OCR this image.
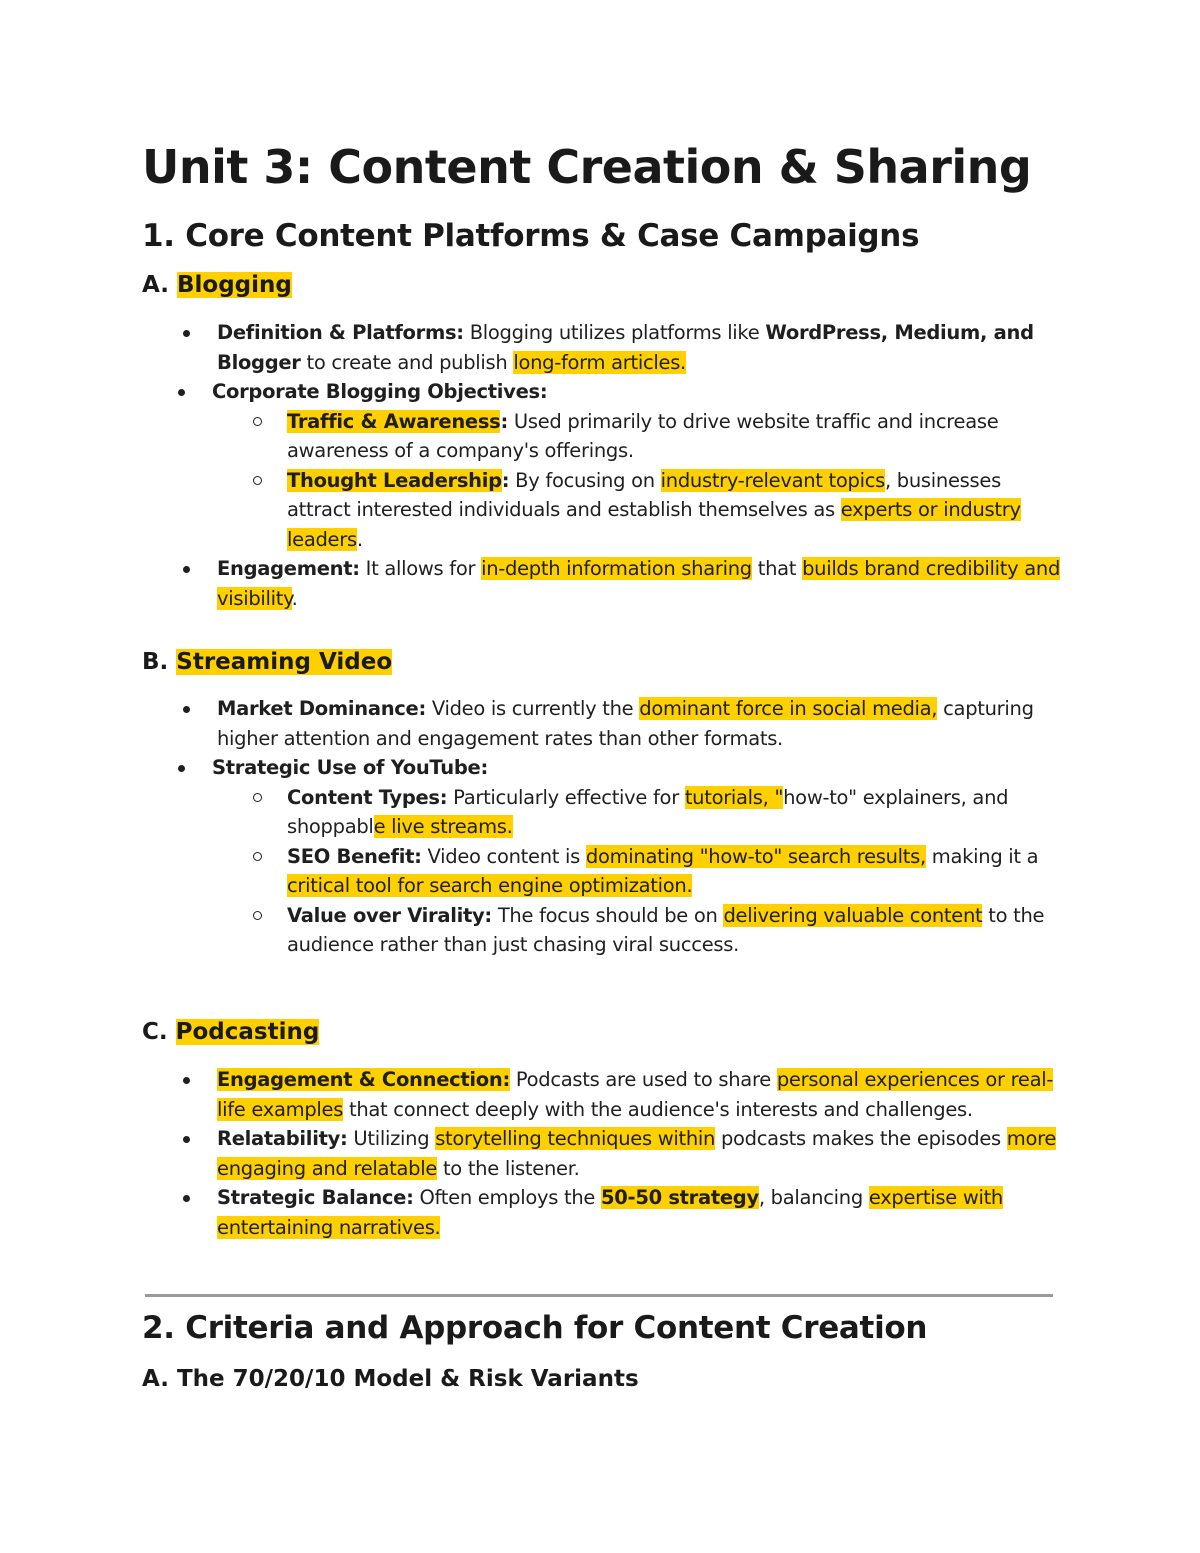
Unit 3: Content Creation & Sharing
1. Core Content Platforms & Case Campaigns
A. Blogging
Definition & Platforms: Blogging utilizes platforms like WordPress, Medium, and Blogger to create and publish long-form articles.
Corporate Blogging Objectives:
Traffic & Awareness: Used primarily to drive website traffic and increase awareness of a company's offerings.
Thought Leadership: By focusing on industry-relevant topics, businesses attract interested individuals and establish themselves as experts or industry leaders.
Engagement: It allows for in-depth information sharing that builds brand credibility and visibility.
B. Streaming Video
Market Dominance: Video is currently the dominant force in social media, capturing higher attention and engagement rates than other formats.
Strategic Use of YouTube:
Content Types: Particularly effective for tutorials, "how-to" explainers, and shoppable live streams.
SEO Benefit: Video content is dominating "how-to" search results, making it a critical tool for search engine optimization.
Value over Virality: The focus should be on delivering valuable content to the audience rather than just chasing viral success.
C. Podcasting
Engagement & Connection: Podcasts are used to share personal experiences or real-life examples that connect deeply with the audience's interests and challenges.
Relatability: Utilizing storytelling techniques within podcasts makes the episodes more engaging and relatable to the listener.
Strategic Balance: Often employs the 50-50 strategy, balancing expertise with entertaining narratives.
2. Criteria and Approach for Content Creation
A. The 70/20/10 Model & Risk Variants
